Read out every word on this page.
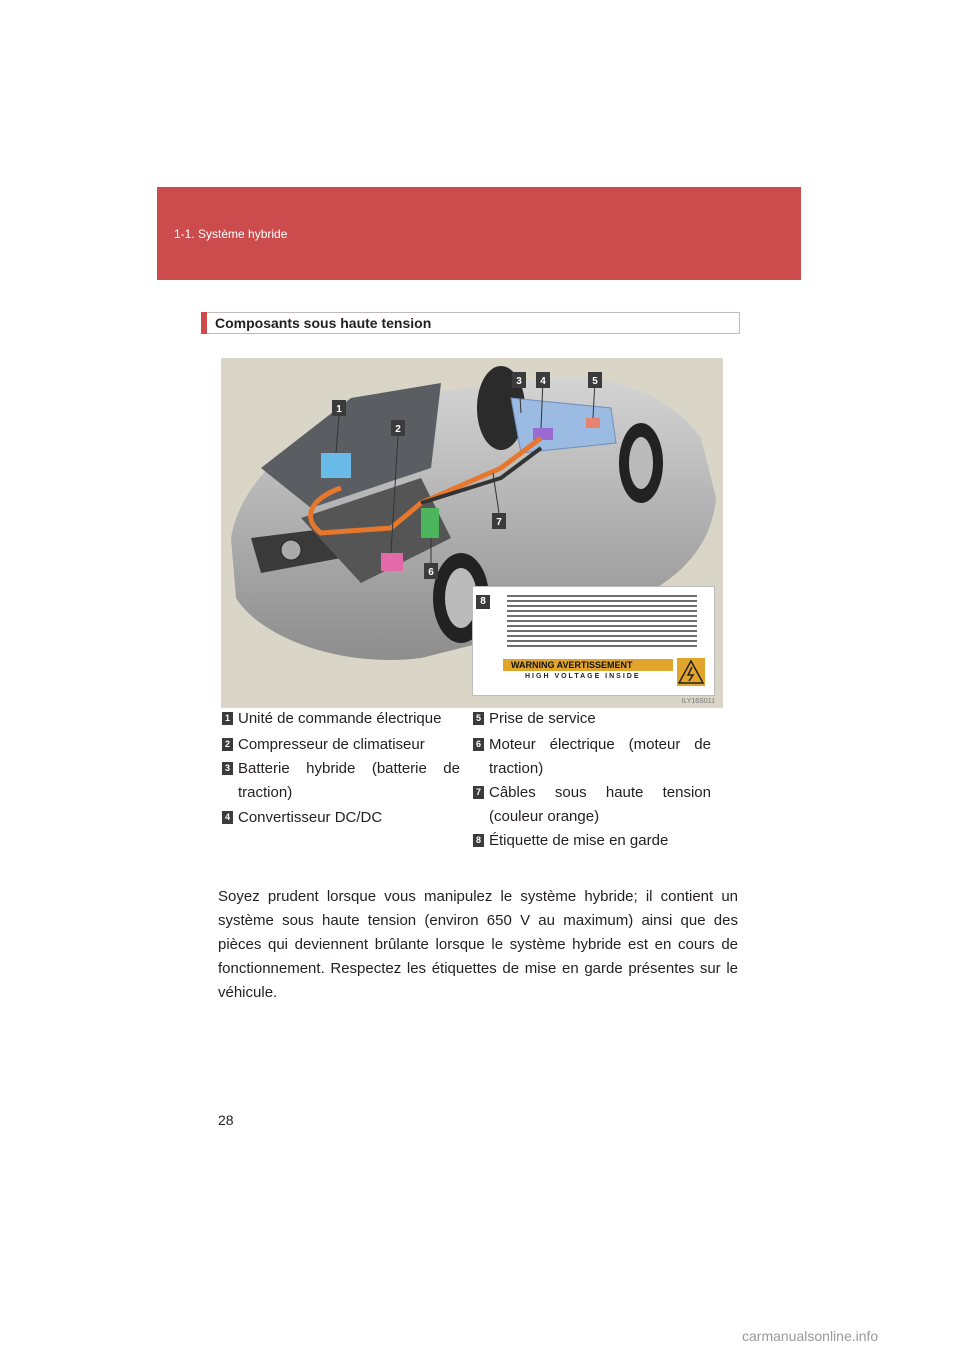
1-1. Système hybride
Composants sous haute tension
1
2
3 4	5
6
7
8
WARNING AVERTISSEMENT
HIGH VOLTAGE INSIDE
ILY16S011
1 Unité de commande électrique
2 Compresseur de climatiseur
3 Batterie hybride (batterie de traction)
4 Convertisseur DC/DC
5 Prise de service
6 Moteur électrique (moteur de traction)
7 Câbles sous haute tension (couleur orange)
8 Étiquette de mise en garde

Soyez prudent lorsque vous manipulez le système hybride; il contient un système sous haute tension (environ 650 V au maximum) ainsi que des pièces qui deviennent brûlante lorsque le système hybride est en cours de fonctionnement. Respectez les étiquettes de mise en garde présentes sur le véhicule.

28
carmanualsonline.info
